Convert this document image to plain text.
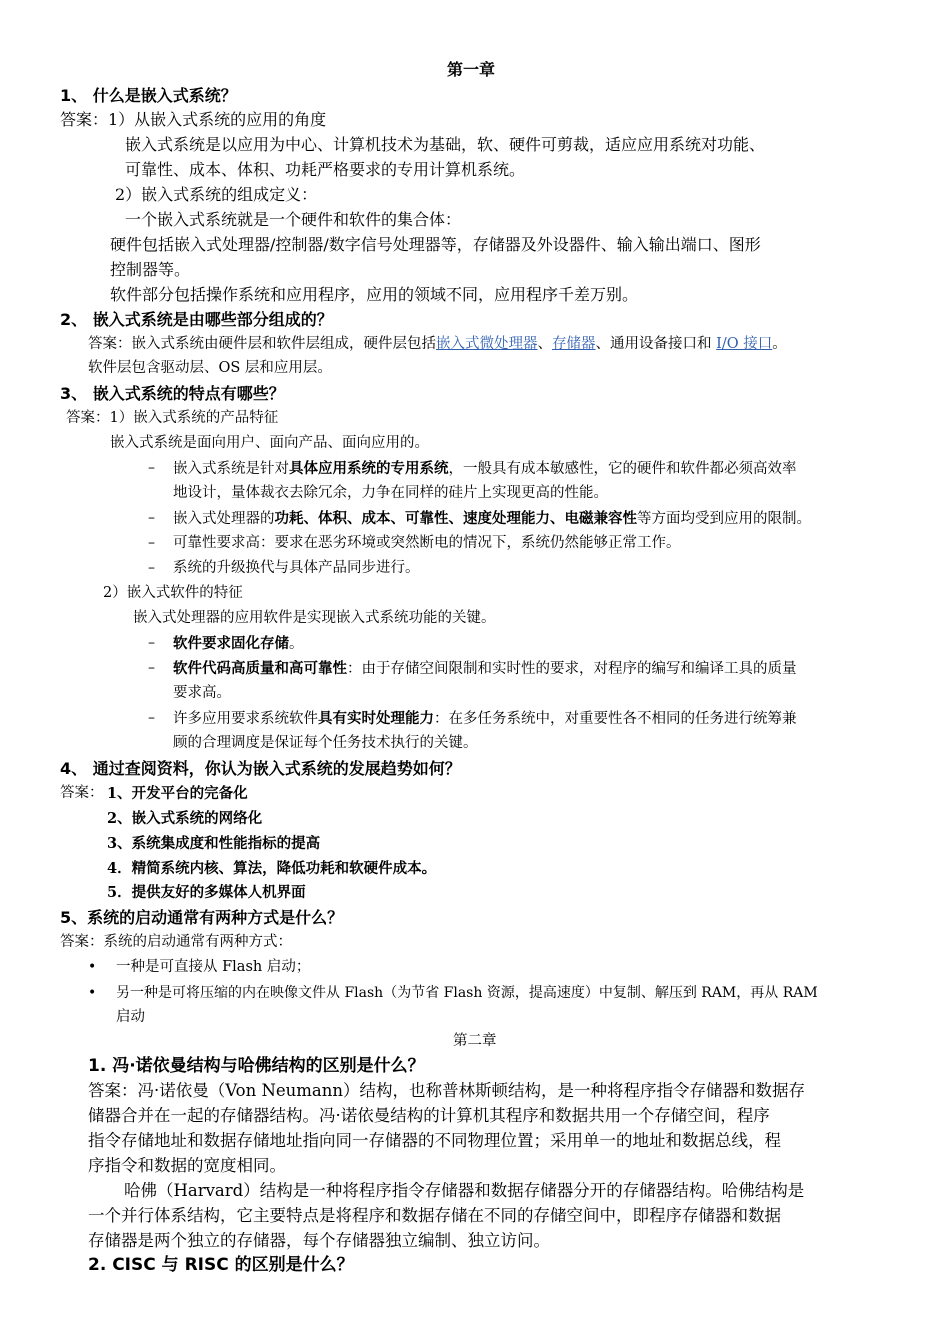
第一章
1、 什么是嵌入式系统？
答案：1）从嵌入式系统的应用的角度
嵌入式系统是以应用为中心、计算机技术为基础，软、硬件可剪裁，适应应用系统对功能、
可靠性、成本、体积、功耗严格要求的专用计算机系统。
2）嵌入式系统的组成定义：
一个嵌入式系统就是一个硬件和软件的集合体：
硬件包括嵌入式处理器/控制器/数字信号处理器等，存储器及外设器件、输入输出端口、图形
控制器等。
软件部分包括操作系统和应用程序，应用的领域不同，应用程序千差万别。
2、 嵌入式系统是由哪些部分组成的？
答案：嵌入式系统由硬件层和软件层组成，硬件层包括嵌入式微处理器、存储器、通用设备接口和 I/O 接口。
软件层包含驱动层、OS 层和应用层。
3、 嵌入式系统的特点有哪些？
答案：1）嵌入式系统的产品特征
嵌入式系统是面向用户、面向产品、面向应用的。
– 嵌入式系统是针对具体应用系统的专用系统，一般具有成本敏感性，它的硬件和软件都必须高效率
地设计，量体裁衣去除冗余，力争在同样的硅片上实现更高的性能。
– 嵌入式处理器的功耗、体积、成本、可靠性、速度处理能力、电磁兼容性等方面均受到应用的限制。
– 可靠性要求高：要求在恶劣环境或突然断电的情况下，系统仍然能够正常工作。
– 系统的升级换代与具体产品同步进行。
2）嵌入式软件的特征
嵌入式处理器的应用软件是实现嵌入式系统功能的关键。
– 软件要求固化存储。
– 软件代码高质量和高可靠性：由于存储空间限制和实时性的要求，对程序的编写和编译工具的质量
要求高。
– 许多应用要求系统软件具有实时处理能力：在多任务系统中，对重要性各不相同的任务进行统筹兼
顾的合理调度是保证每个任务技术执行的关键。
4、 通过查阅资料，你认为嵌入式系统的发展趋势如何？
答案： 1、开发平台的完备化
2、嵌入式系统的网络化
3、系统集成度和性能指标的提高
4．精简系统内核、算法，降低功耗和软硬件成本。
5．提供友好的多媒体人机界面
5、系统的启动通常有两种方式是什么？
答案：系统的启动通常有两种方式：
• 一种是可直接从 Flash 启动；
• 另一种是可将压缩的内在映像文件从 Flash（为节省 Flash 资源，提高速度）中复制、解压到 RAM，再从 RAM
启动
第二章
1. 冯·诺依曼结构与哈佛结构的区别是什么？
答案：冯·诺依曼（Von Neumann）结构，也称普林斯顿结构，是一种将程序指令存储器和数据存
储器合并在一起的存储器结构。冯·诺依曼结构的计算机其程序和数据共用一个存储空间，程序
指令存储地址和数据存储地址指向同一存储器的不同物理位置；采用单一的地址和数据总线，程
序指令和数据的宽度相同。
哈佛（Harvard）结构是一种将程序指令存储器和数据存储器分开的存储器结构。哈佛结构是
一个并行体系结构，它主要特点是将程序和数据存储在不同的存储空间中，即程序存储器和数据
存储器是两个独立的存储器，每个存储器独立编制、独立访问。
2. CISC 与 RISC 的区别是什么？
